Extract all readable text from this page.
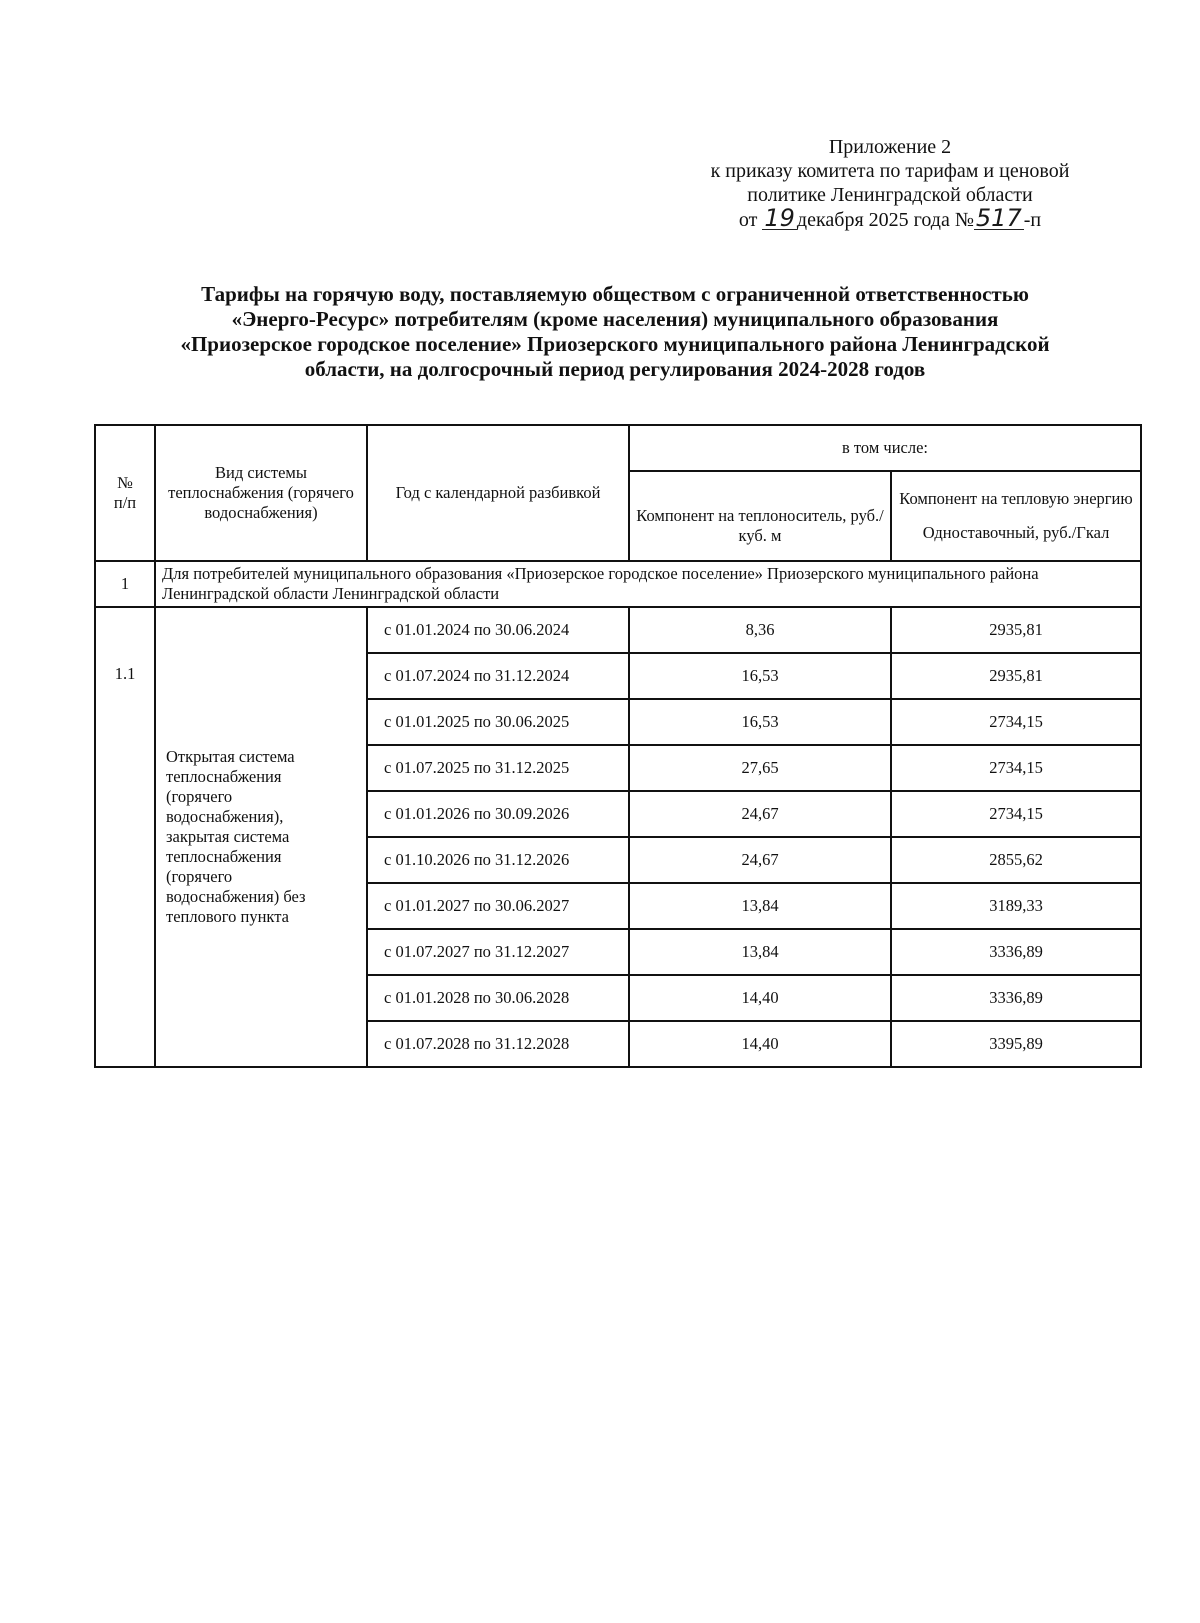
Приложение 2
к приказу комитета по тарифам и ценовой
политике Ленинградской области
от 19 декабря 2025 года №517 -п
Тарифы на горячую воду, поставляемую обществом с ограниченной ответственностью
«Энерго-Ресурс» потребителям (кроме населения) муниципального образования
«Приозерское городское поселение» Приозерского муниципального района Ленинградской
области, на долгосрочный период регулирования 2024-2028 годов
№
п/п	Вид системы теплоснабжения (горячего водоснабжения)	Год с календарной разбивкой	в том числе:	
			Компонент на теплоноситель, руб./куб. м	Компонент на тепловую энергию
Одноставочный, руб./Гкал

1	Для потребителей муниципального образования «Приозерское городское поселение» Приозерского муниципального района Ленинградской области Ленинградской области			
1.1	Открытая система теплоснабжения (горячего водоснабжения), закрытая система теплоснабжения (горячего водоснабжения) без теплового пункта	с 01.01.2024 по 30.06.2024	8,36	2935,81
		с 01.07.2024 по 31.12.2024	16,53	2935,81
		с 01.01.2025 по 30.06.2025	16,53	2734,15
		с 01.07.2025 по 31.12.2025	27,65	2734,15
		с 01.01.2026 по 30.09.2026	24,67	2734,15
		с 01.10.2026 по 31.12.2026	24,67	2855,62
		с 01.01.2027 по 30.06.2027	13,84	3189,33
		с 01.07.2027 по 31.12.2027	13,84	3336,89
		с 01.01.2028 по 30.06.2028	14,40	3336,89
		с 01.07.2028 по 31.12.2028	14,40	3395,89
